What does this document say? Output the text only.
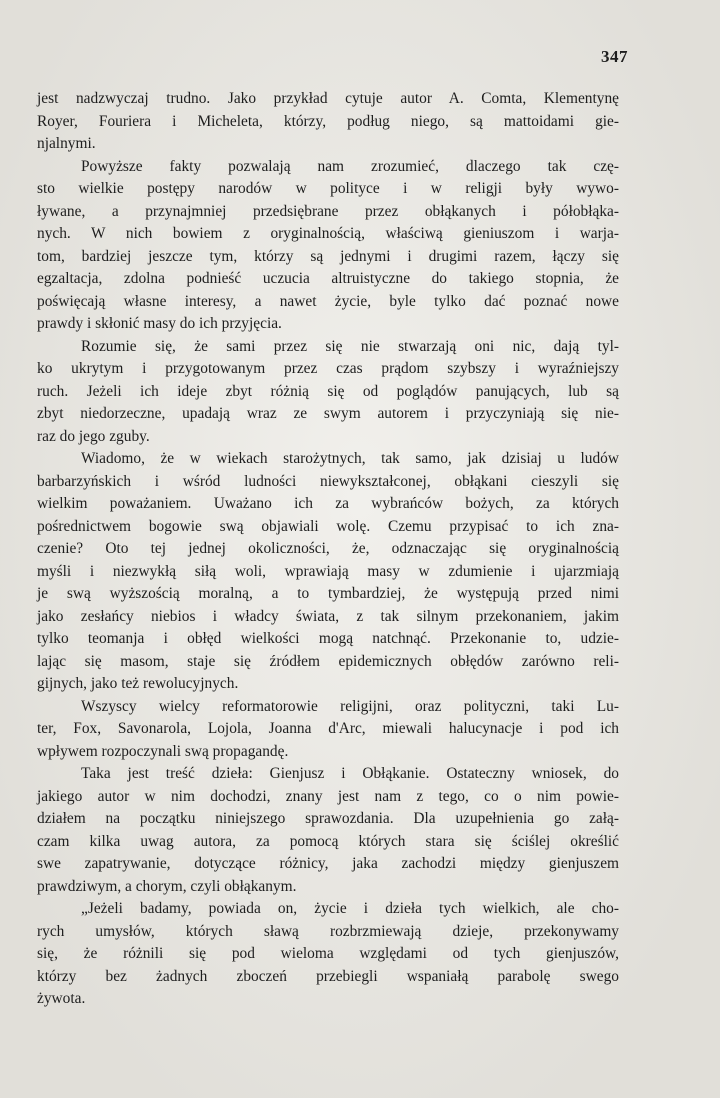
347
jest nadzwyczaj trudno. Jako przykład cytuje autor A. Comta, Klementynę
Royer, Fouriera i Micheleta, którzy, podług niego, są mattoidami gie-
njalnymi.
Powyższe fakty pozwalają nam zrozumieć, dlaczego tak czę-
sto wielkie postępy narodów w polityce i w religji były wywo-
ływane, a przynajmniej przedsiębrane przez obłąkanych i półobłąka-
nych. W nich bowiem z oryginalnością, właściwą gieniuszom i warja-
tom, bardziej jeszcze tym, którzy są jednymi i drugimi razem, łączy się
egzaltacja, zdolna podnieść uczucia altruistyczne do takiego stopnia, że
poświęcają własne interesy, a nawet życie, byle tylko dać poznać nowe
prawdy i skłonić masy do ich przyjęcia.
Rozumie się, że sami przez się nie stwarzają oni nic, dają tyl-
ko ukrytym i przygotowanym przez czas prądom szybszy i wyraźniejszy
ruch. Jeżeli ich ideje zbyt różnią się od poglądów panujących, lub są
zbyt niedorzeczne, upadają wraz ze swym autorem i przyczyniają się nie-
raz do jego zguby.
Wiadomo, że w wiekach starożytnych, tak samo, jak dzisiaj u ludów
barbarzyńskich i wśród ludności niewykształconej, obłąkani cieszyli się
wielkim poważaniem. Uważano ich za wybrańców bożych, za których
pośrednictwem bogowie swą objawiali wolę. Czemu przypisać to ich zna-
czenie? Oto tej jednej okoliczności, że, odznaczając się oryginalnością
myśli i niezwykłą siłą woli, wprawiają masy w zdumienie i ujarzmiają
je swą wyższością moralną, a to tymbardziej, że występują przed nimi
jako zesłańcy niebios i władcy świata, z tak silnym przekonaniem, jakim
tylko teomanja i obłęd wielkości mogą natchnąć. Przekonanie to, udzie-
lając się masom, staje się źródłem epidemicznych obłędów zarówno reli-
gijnych, jako też rewolucyjnych.
Wszyscy wielcy reformatorowie religijni, oraz polityczni, taki Lu-
ter, Fox, Savonarola, Lojola, Joanna d'Arc, miewali halucynacje i pod ich
wpływem rozpoczynali swą propagandę.
Taka jest treść dzieła: Gienjusz i Obłąkanie. Ostateczny wniosek, do
jakiego autor w nim dochodzi, znany jest nam z tego, co o nim powie-
działem na początku niniejszego sprawozdania. Dla uzupełnienia go załą-
czam kilka uwag autora, za pomocą których stara się ściślej określić
swe zapatrywanie, dotyczące różnicy, jaka zachodzi między gienjuszem
prawdziwym, a chorym, czyli obłąkanym.
„Jeżeli badamy, powiada on, życie i dzieła tych wielkich, ale cho-
rych umysłów, których sławą rozbrzmiewają dzieje, przekonywamy
się, że różnili się pod wieloma względami od tych gienjuszów,
którzy bez żadnych zboczeń przebiegli wspaniałą parabolę swego
żywota.
